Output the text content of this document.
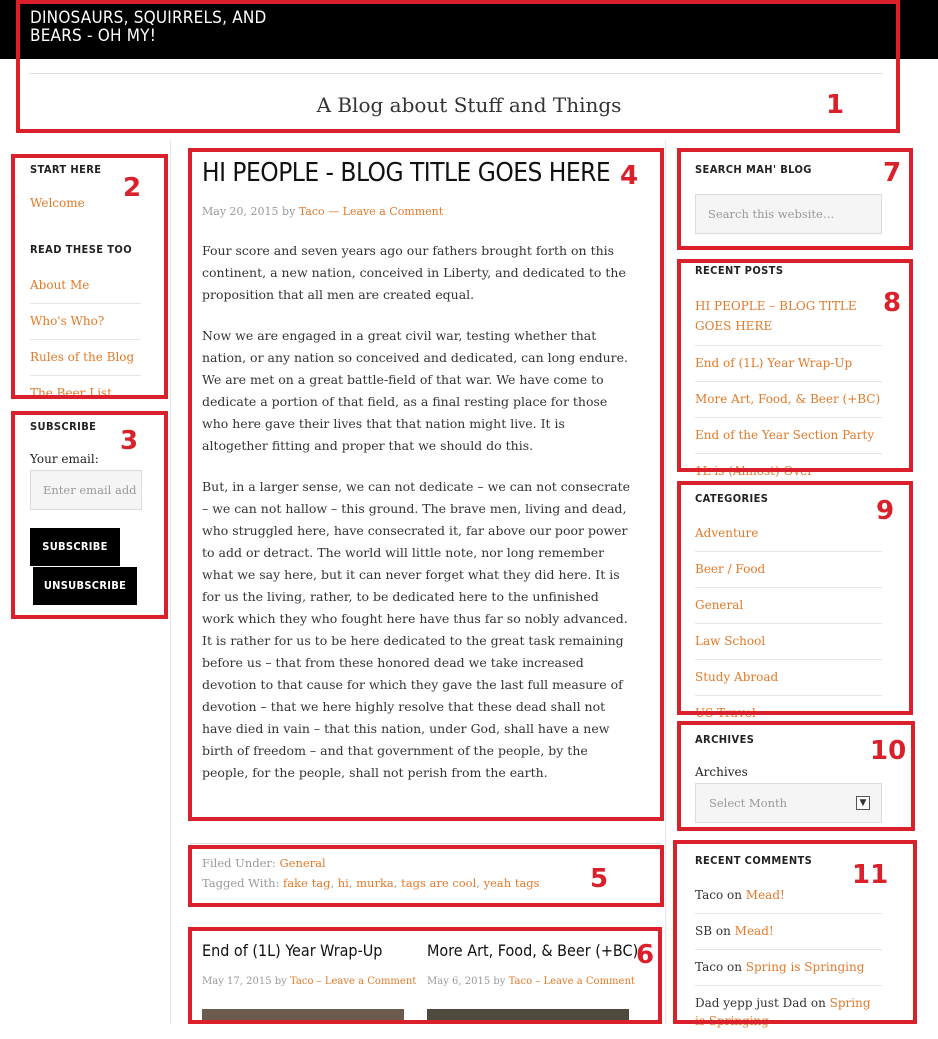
DINOSAURS, SQUIRRELS, AND BEARS - OH MY!
A Blog about Stuff and Things
START HERE
Welcome
READ THESE TOO
About Me
Who's Who?
Rules of the Blog
The Beer List
SUBSCRIBE
Your email:
Enter email add
SUBSCRIBE
UNSUBSCRIBE
HI PEOPLE - BLOG TITLE GOES HERE
May 20, 2015 by Taco — Leave a Comment

Four score and seven years ago our fathers brought forth on this continent, a new nation, conceived in Liberty, and dedicated to the proposition that all men are created equal.

Now we are engaged in a great civil war, testing whether that nation, or any nation so conceived and dedicated, can long endure. We are met on a great battle-field of that war. We have come to dedicate a portion of that field, as a final resting place for those who here gave their lives that that nation might live. It is altogether fitting and proper that we should do this.

But, in a larger sense, we can not dedicate – we can not consecrate – we can not hallow – this ground. The brave men, living and dead, who struggled here, have consecrated it, far above our poor power to add or detract. The world will little note, nor long remember what we say here, but it can never forget what they did here. It is for us the living, rather, to be dedicated here to the unfinished work which they who fought here have thus far so nobly advanced. It is rather for us to be here dedicated to the great task remaining before us – that from these honored dead we take increased devotion to that cause for which they gave the last full measure of devotion – that we here highly resolve that these dead shall not have died in vain – that this nation, under God, shall have a new birth of freedom – and that government of the people, by the people, for the people, shall not perish from the earth.

Filed Under: General
Tagged With: fake tag, hi, murka, tags are cool, yeah tags
End of (1L) Year Wrap-Up
May 17, 2015 by Taco – Leave a Comment
More Art, Food, & Beer (+BC)
May 6, 2015 by Taco – Leave a Comment
SEARCH MAH' BLOG
Search this website…
RECENT POSTS
HI PEOPLE – BLOG TITLE GOES HERE
End of (1L) Year Wrap-Up
More Art, Food, & Beer (+BC)
End of the Year Section Party
1L is (Almost) Over
CATEGORIES
Adventure
Beer / Food
General
Law School
Study Abroad
US Travel
ARCHIVES
Archives
Select Month	▼
RECENT COMMENTS
Taco on Mead!
SB on Mead!
Taco on Spring is Springing
Dad yepp just Dad on Spring is Springing
1
2
3
4
5
6
7
8
9
10
11
